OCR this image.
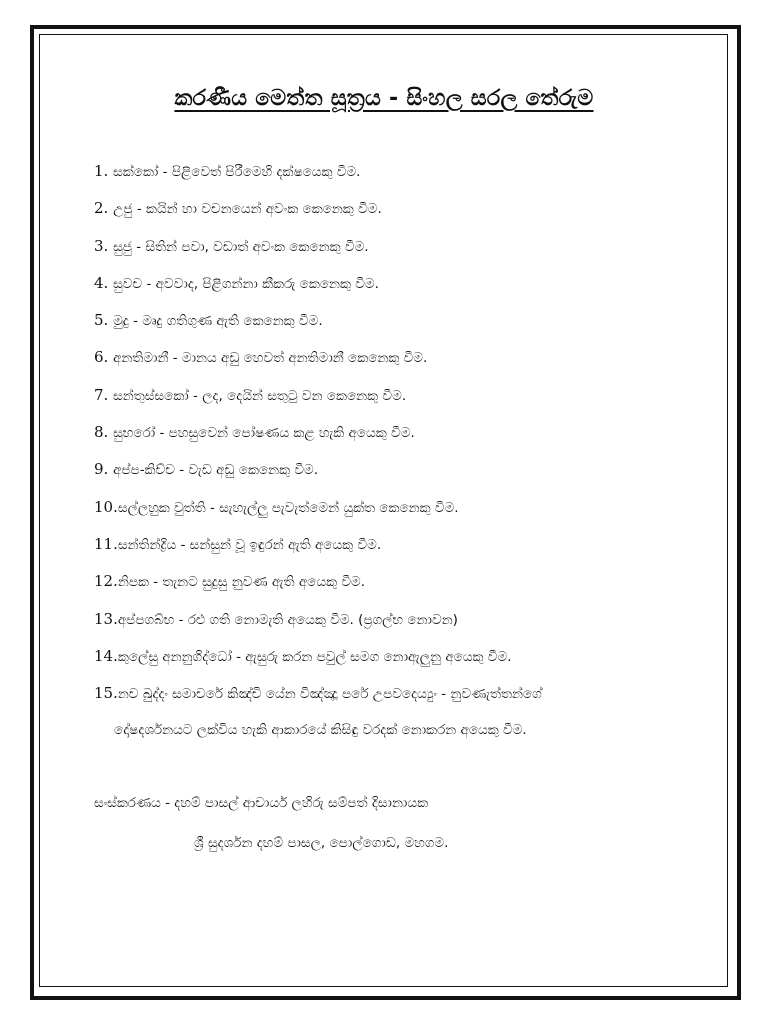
කරණීය මෙත්ත සූත්‍රය - සිංහල සරල තේරුම
1. සක්කෝ - පිළිවෙත් පිරීමෙහි දක්ෂයෙකු වීම.
2. උජු - කයින් හා වචනයෙන් අවංක කෙනෙකු වීම.
3. සුජු - සිතින් පවා, වඩාත් අවංක කෙනෙකු වීම.
4. සුවච - අවවාද, පිළිගන්නා කීකරු කෙනෙකු වීම.
5. මුදු - මෘදු ගතිගුණ ඇති කෙනෙකු වීම.
6. අනතිමානී - මානය අඩු හෙවත් අනතිමානී කෙනෙකු වීම.
7. සන්තුස්සකෝ - ලද, දෙයින් සතුටු වන කෙනෙකු වීම.
8. සුභරෝ - පහසුවෙන් පෝෂණය කළ හැකි අයෙකු වීම.
9. අප්ප-කිච්ච - වැඩ අඩු කෙනෙකු වීම.
10.සල්ලහුක වුත්ති - සැහැල්ලු පැවැත්මෙන් යුක්ත කෙනෙකු වීම.
11.සන්තින්ද්‍රිය - සන්සුන් වූ ඉඳුරන් ඇති අයෙකු වීම.
12.නිපක - තැනට සුදුසු නුවණ ඇති අයෙකු වීම.
13.අප්පගබ්භ - රළු ගති නොමැති අයෙකු වීම. (ප්‍රගල්භ නොවන)
14.කුලේසු අනනුගිද්ධෝ - ඇසුරු කරන පවුල් සමග නොඇලුනු අයෙකු වීම.
15.නච ඛුද්දං සමාචරේ කිඤ්චි යේන විඤ්ඤූ පරේ උපවදෙය්‍යුං - නුවණැත්තන්ගේ
දෝෂදර්ශනයට ලක්විය හැකි ආකාරයේ කිසිඳු වරදක් නොකරන අයෙකු වීම.
සංස්කරණය - දහම් පාසල් ආචාර්ය ලහිරු සම්පත් දිසානායක
ශ්‍රී සුදර්ශන දහම් පාසල, පොල්ගොඩ, මහගම.
